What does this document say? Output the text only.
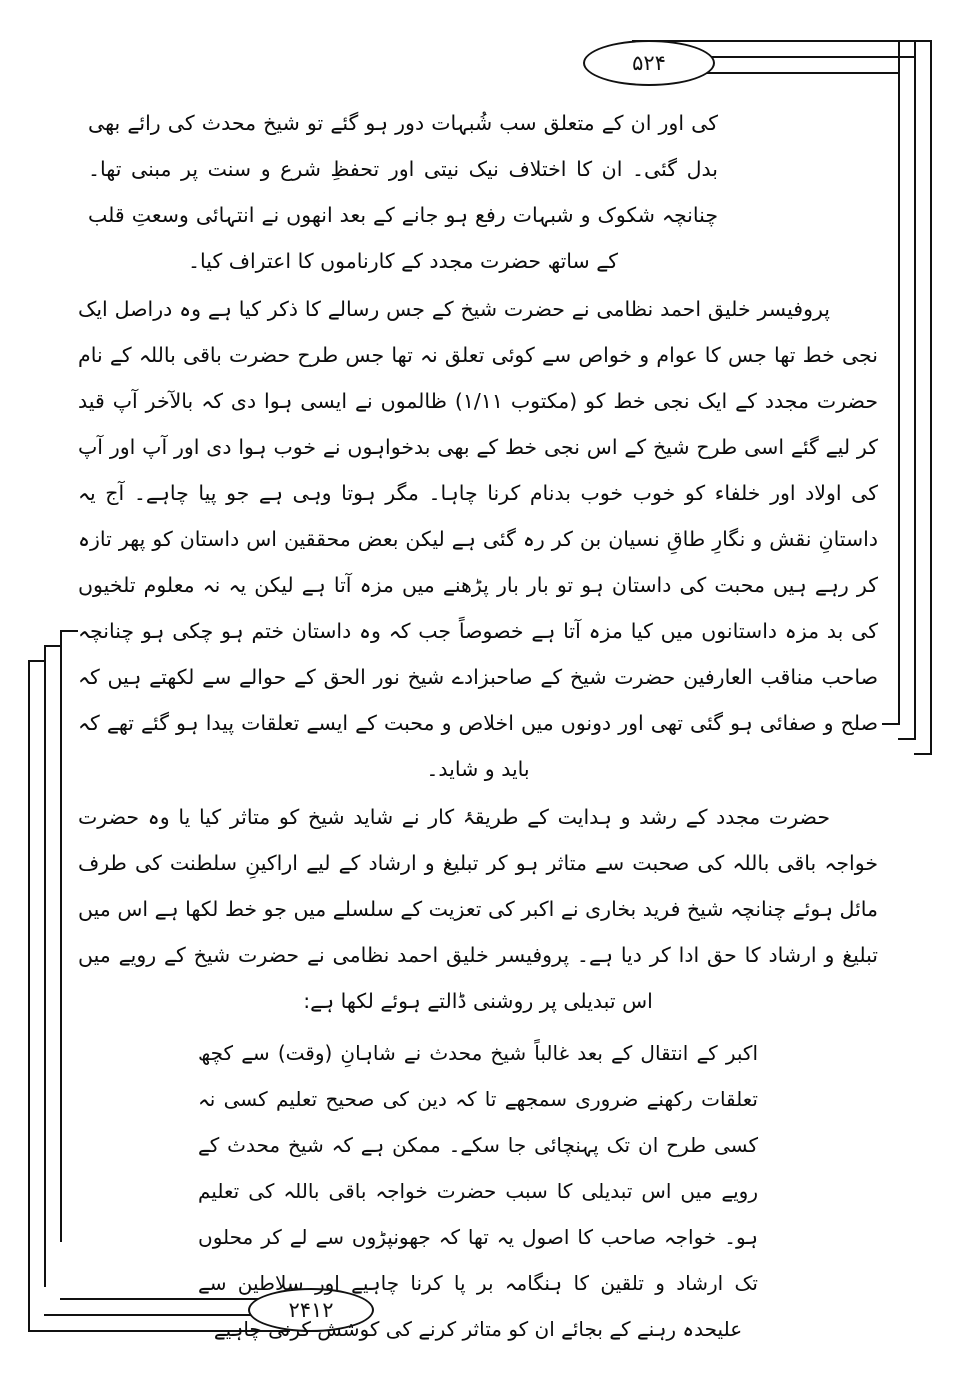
۵۲۴
۲۴۱۲

کی اور ان کے متعلق سب شُبہات دور ہو گئے تو شیخ محدث کی رائے بھی بدل گئی۔ ان کا اختلاف نیک نیتی اور تحفظِ شرع و سنت پر مبنی تھا۔ چنانچہ شکوک و شبہات رفع ہو جانے کے بعد انھوں نے انتہائی وسعتِ قلب کے ساتھ حضرت مجدد کے کارناموں کا اعتراف کیا۔

پروفیسر خلیق احمد نظامی نے حضرت شیخ کے جس رسالے کا ذکر کیا ہے وہ دراصل ایک نجی خط تھا جس کا عوام و خواص سے کوئی تعلق نہ تھا جس طرح حضرت باقی باللہ کے نام حضرت مجدد کے ایک نجی خط کو (مکتوب ۱/۱۱) ظالموں نے ایسی ہوا دی کہ بالآخر آپ قید کر لیے گئے اسی طرح شیخ کے اس نجی خط کے بھی بدخواہوں نے خوب ہوا دی اور آپ اور آپ کی اولاد اور خلفاء کو خوب خوب بدنام کرنا چاہا۔ مگر ہوتا وہی ہے جو پیا چاہے۔ آج یہ داستانِ نقش و نگارِ طاقِ نسیان بن کر رہ گئی ہے لیکن بعض محققین اس داستان کو پھر تازہ کر رہے ہیں محبت کی داستان ہو تو بار بار پڑھنے میں مزہ آتا ہے لیکن یہ نہ معلوم تلخیوں کی بد مزہ داستانوں میں کیا مزہ آتا ہے خصوصاً جب کہ وہ داستان ختم ہو چکی ہو چنانچہ صاحب مناقب العارفین حضرت شیخ کے صاحبزادے شیخ نور الحق کے حوالے سے لکھتے ہیں کہ صلح و صفائی ہو گئی تھی اور دونوں میں اخلاص و محبت کے ایسے تعلقات پیدا ہو گئے تھے کہ باید و شاید۔

حضرت مجدد کے رشد و ہدایت کے طریقۂ کار نے شاید شیخ کو متاثر کیا یا وہ حضرت خواجہ باقی باللہ کی صحبت سے متاثر ہو کر تبلیغ و ارشاد کے لیے اراکینِ سلطنت کی طرف مائل ہوئے چنانچہ شیخ فرید بخاری نے اکبر کی تعزیت کے سلسلے میں جو خط لکھا ہے اس میں تبلیغ و ارشاد کا حق ادا کر دیا ہے۔ پروفیسر خلیق احمد نظامی نے حضرت شیخ کے رویے میں اس تبدیلی پر روشنی ڈالتے ہوئے لکھا ہے:

اکبر کے انتقال کے بعد غالباً شیخ محدث نے شاہانِ (وقت) سے کچھ تعلقات رکھنے ضروری سمجھے تا کہ دین کی صحیح تعلیم کسی نہ کسی طرح ان تک پہنچائی جا سکے۔ ممکن ہے کہ شیخ محدث کے رویے میں اس تبدیلی کا سبب حضرت خواجہ باقی باللہ کی تعلیم ہو۔ خواجہ صاحب کا اصول یہ تھا کہ جھونپڑوں سے لے کر محلوں تک ارشاد و تلقین کا ہنگامہ بر پا کرنا چاہیے اور سلاطین سے علیحدہ رہنے کے بجائے ان کو متاثر کرنے کی کوشش کرنی چاہیے
